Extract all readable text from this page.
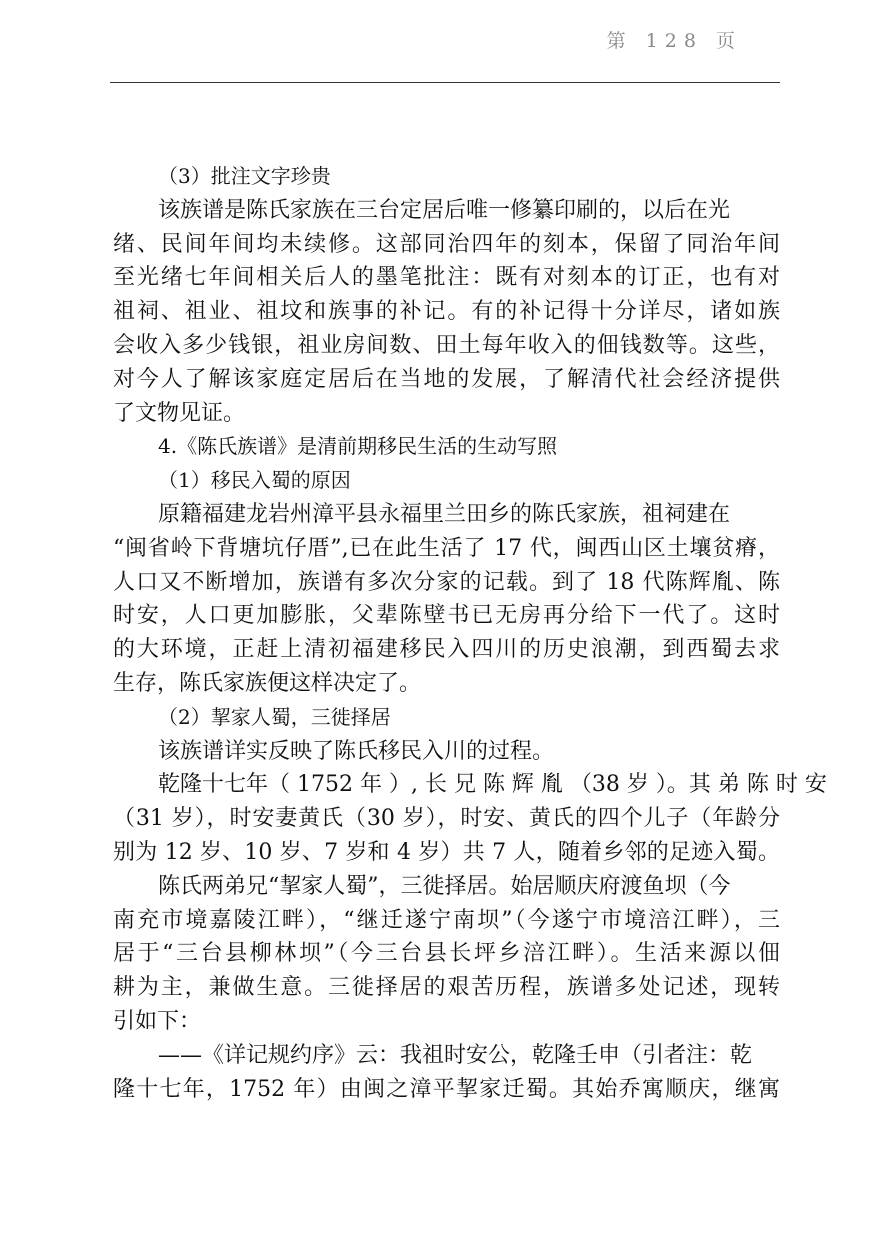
第 128 页
（3）批注文字珍贵
该族谱是陈氏家族在三台定居后唯一修纂印刷的，以后在光
绪、民间年间均未续修。这部同治四年的刻本，保留了同治年间
至光绪七年间相关后人的墨笔批注：既有对刻本的订正，也有对
祖祠、祖业、祖坟和族事的补记。有的补记得十分详尽，诸如族
会收入多少钱银，祖业房间数、田土每年收入的佃钱数等。这些，
对今人了解该家庭定居后在当地的发展，了解清代社会经济提供
了文物见证。
4.《陈氏族谱》是清前期移民生活的生动写照
（1）移民入蜀的原因
原籍福建龙岩州漳平县永福里兰田乡的陈氏家族，祖祠建在
“闽省岭下背塘坑仔厝”,已在此生活了 17 代，闽西山区土壤贫瘠，
人口又不断增加，族谱有多次分家的记载。到了 18 代陈辉胤、陈
时安，人口更加膨胀，父辈陈壁书已无房再分给下一代了。这时
的大环境，正赶上清初福建移民入四川的历史浪潮，到西蜀去求
生存，陈氏家族便这样决定了。
（2）挈家人蜀，三徙择居
该族谱详实反映了陈氏移民入川的过程。
乾隆十七年（ 1752 年 ）, 长 兄 陈 辉 胤 （38 岁 ）。其 弟 陈 时 安
（31 岁），时安妻黄氏（30 岁），时安、黄氏的四个儿子（年龄分
别为 12 岁、10 岁、7 岁和 4 岁）共 7 人，随着乡邻的足迹入蜀。
陈氏两弟兄“挈家人蜀”，三徙择居。始居顺庆府渡鱼坝（今
南充市境嘉陵江畔），“继迁遂宁南坝”（今遂宁市境涪江畔），三
居于“三台县柳林坝”（今三台县长坪乡涪江畔）。生活来源以佃
耕为主，兼做生意。三徙择居的艰苦历程，族谱多处记述，现转
引如下：
——《详记规约序》云：我祖时安公，乾隆壬申（引者注：乾
隆十七年，1752 年）由闽之漳平挈家迁蜀。其始乔寓顺庆，继寓
